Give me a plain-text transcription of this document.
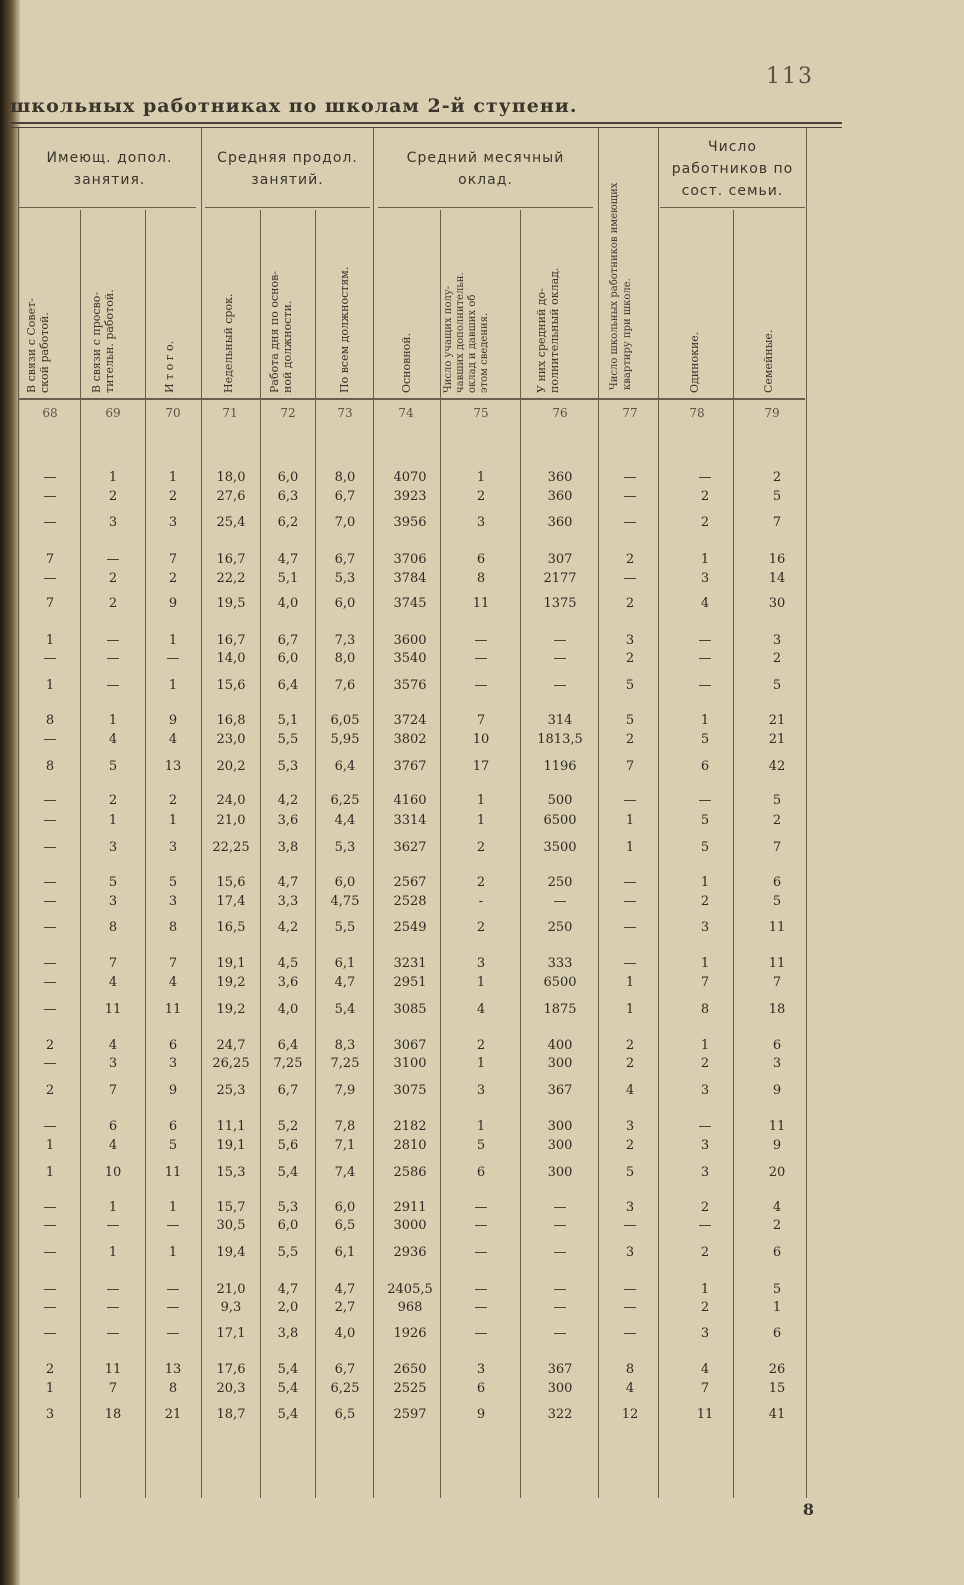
113
школьных работниках по школам 2-й ступени.
Имеющ. допол. занятия.
Средняя продол. занятий.
Средний месячный оклад.
Число школьных работников имеющих квартиру при школе.
Число работников по сост. семьи.
В связи с Совет-
ской работой.
В связи с просво-
тительн. работой.
И т о г о.	Недельный срок.	Работа дня по основ-
ной должности.	По всем должностям.	Основной.	Число учащих полу-
чавших дополнительн.
оклад и давших об
этом сведения.
У них средний до-
полнительный оклад.
Одинокие.	Семейные.
68	69	70	71	72	73	74	75	76	77	78	79
—	1	1	18,0	6,0	8,0	4070	1	360	—	—	2
—	2	2	27,6	6,3	6,7	3923	2	360	—	2	5
—	3	3	25,4	6,2	7,0	3956	3	360	—	2	7
7	—	7	16,7	4,7	6,7	3706	6	307	2	1	16
—	2	2	22,2	5,1	5,3	3784	8	2177	—	3	14
7	2	9	19,5	4,0	6,0	3745	11	1375	2	4	30
1	—	1	16,7	6,7	7,3	3600	—	—	3	—	3
—	—	—	14,0	6,0	8,0	3540	—	—	2	—	2
1	—	1	15,6	6,4	7,6	3576	—	—	5	—	5
8	1	9	16,8	5,1	6,05	3724	7	314	5	1	21
—	4	4	23,0	5,5	5,95	3802	10	1813,5	2	5	21
8	5	13	20,2	5,3	6,4	3767	17	1196	7	6	42
—	2	2	24,0	4,2	6,25	4160	1	500	—	—	5
—	1	1	21,0	3,6	4,4	3314	1	6500	1	5	2
—	3	3	22,25	3,8	5,3	3627	2	3500	1	5	7
—	5	5	15,6	4,7	6,0	2567	2	250	—	1	6
—	3	3	17,4	3,3	4,75	2528	-	—	—	2	5
—	8	8	16,5	4,2	5,5	2549	2	250	—	3	11
—	7	7	19,1	4,5	6,1	3231	3	333	—	1	11
—	4	4	19,2	3,6	4,7	2951	1	6500	1	7	7
—	11	11	19,2	4,0	5,4	3085	4	1875	1	8	18
2	4	6	24,7	6,4	8,3	3067	2	400	2	1	6
—	3	3	26,25	7,25	7,25	3100	1	300	2	2	3
2	7	9	25,3	6,7	7,9	3075	3	367	4	3	9
—	6	6	11,1	5,2	7,8	2182	1	300	3	—	11
1	4	5	19,1	5,6	7,1	2810	5	300	2	3	9
1	10	11	15,3	5,4	7,4	2586	6	300	5	3	20
—	1	1	15,7	5,3	6,0	2911	—	—	3	2	4
—	—	—	30,5	6,0	6,5	3000	—	—	—	—	2
—	1	1	19,4	5,5	6,1	2936	—	—	3	2	6
—	—	—	21,0	4,7	4,7	2405,5	—	—	—	1	5
—	—	—	9,3	2,0	2,7	968	—	—	—	2	1
—	—	—	17,1	3,8	4,0	1926	—	—	—	3	6
2	11	13	17,6	5,4	6,7	2650	3	367	8	4	26
1	7	8	20,3	5,4	6,25	2525	6	300	4	7	15
3	18	21	18,7	5,4	6,5	2597	9	322	12	11	41
8
